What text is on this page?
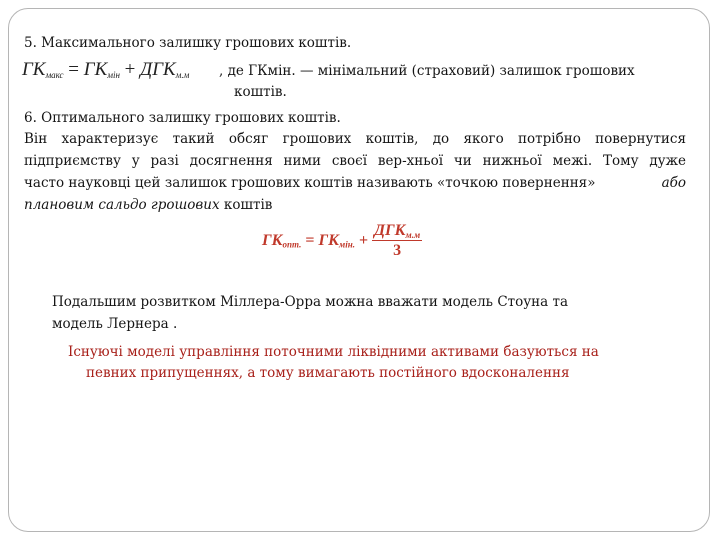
5. Максимального залишку грошових коштів.
$ГК_{макс} = ГК_{мін} + ДГК_{м.м}$ , де ГКмін. — мінімальний (страховий) залишок грошових
коштів.
6. Оптимального залишку грошових коштів.
Він характеризує такий обсяг грошових коштів, до якого потрібно повернутися
підприємству у разі досягнення ними своєї вер-хньої чи нижньої межі. Тому дуже
часто науковці цей залишок грошових коштів називають «точкою повернення»	або
плановим сальдо грошових коштів
$ГК_{опт.} = ГК_{мін.} + \frac{ДГК_{м.м}}{3}$
Подальшим розвитком Міллера-Орра можна вважати модель Стоуна та
модель Лернера .
Існуючі моделі управління поточними ліквідними активами базуються на
певних припущеннях, а тому вимагають постійного вдосконалення
